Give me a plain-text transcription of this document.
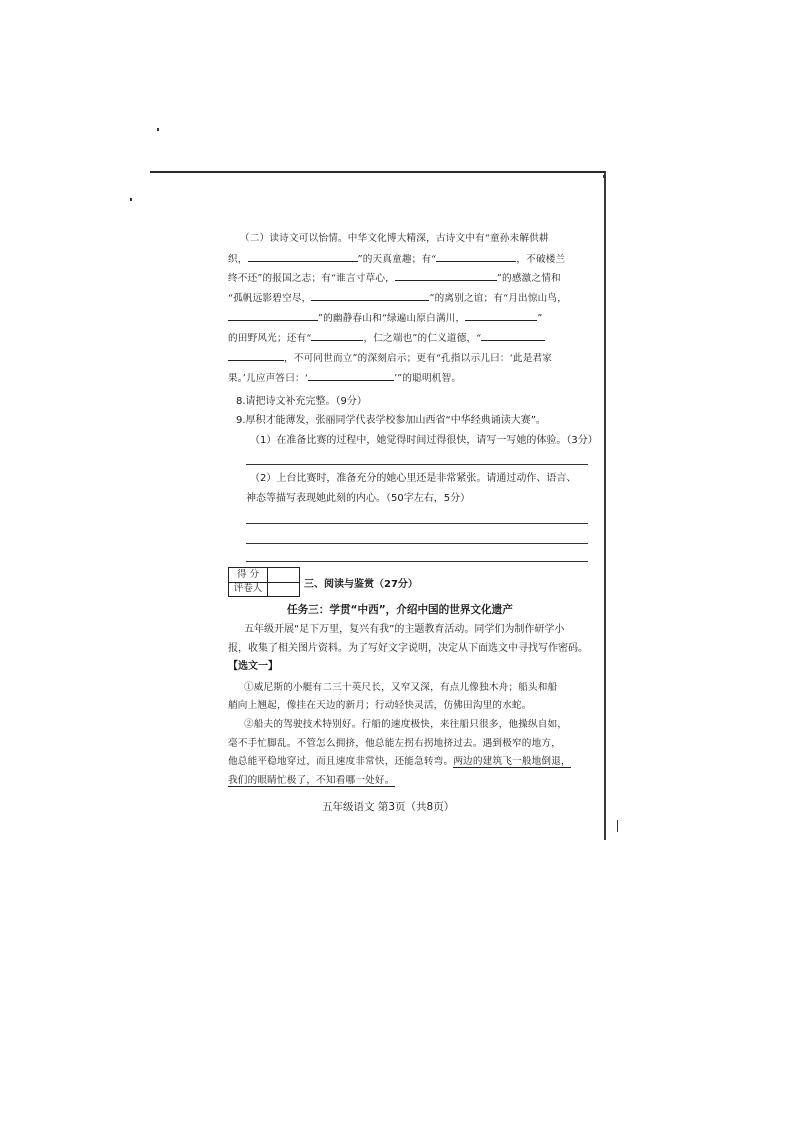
（二）读诗文可以怡情。中华文化博大精深，古诗文中有“童孙未解供耕
织，	”的天真童趣；有“	，不破楼兰
终不还”的报国之志；有“谁言寸草心，	”的感激之情和
“孤帆远影碧空尽，	”的离别之谊；有“月出惊山鸟，
”的幽静春山和“绿遍山原白满川，	”
的田野风光；还有“	，仁之端也”的仁义道德，“
，不可同世而立”的深刻启示；更有“孔指以示儿曰：‘此是君家
果。’儿应声答曰：‘	’”的聪明机智。
8.请把诗文补充完整。（9分）
9.厚积才能薄发，张丽同学代表学校参加山西省“中华经典诵读大赛”。
（1）在准备比赛的过程中，她觉得时间过得很快，请写一写她的体验。（3分）
（2）上台比赛时，准备充分的她心里还是非常紧张。请通过动作、语言、
神态等描写表现她此刻的内心。（50字左右，5分）
得 分
评卷人	三、阅读与鉴赏（27分）
任务三：学贯“中西”，介绍中国的世界文化遗产
五年级开展“足下万里，复兴有我”的主题教育活动。同学们为制作研学小
报，收集了相关图片资料。为了写好文字说明，决定从下面选文中寻找写作密码。
【选文一】
①威尼斯的小艇有二三十英尺长，又窄又深，有点儿像独木舟；船头和船
艄向上翘起，像挂在天边的新月；行动轻快灵活，仿佛田沟里的水蛇。
②船夫的驾驶技术特别好。行船的速度极快，来往船只很多，他操纵自如，
毫不手忙脚乱。不管怎么拥挤，他总能左拐右拐地挤过去。遇到极窄的地方，
他总能平稳地穿过，而且速度非常快，还能急转弯。两边的建筑飞一般地倒退，
我们的眼睛忙极了，不知看哪一处好。
五年级语文 第3页（共8页）
